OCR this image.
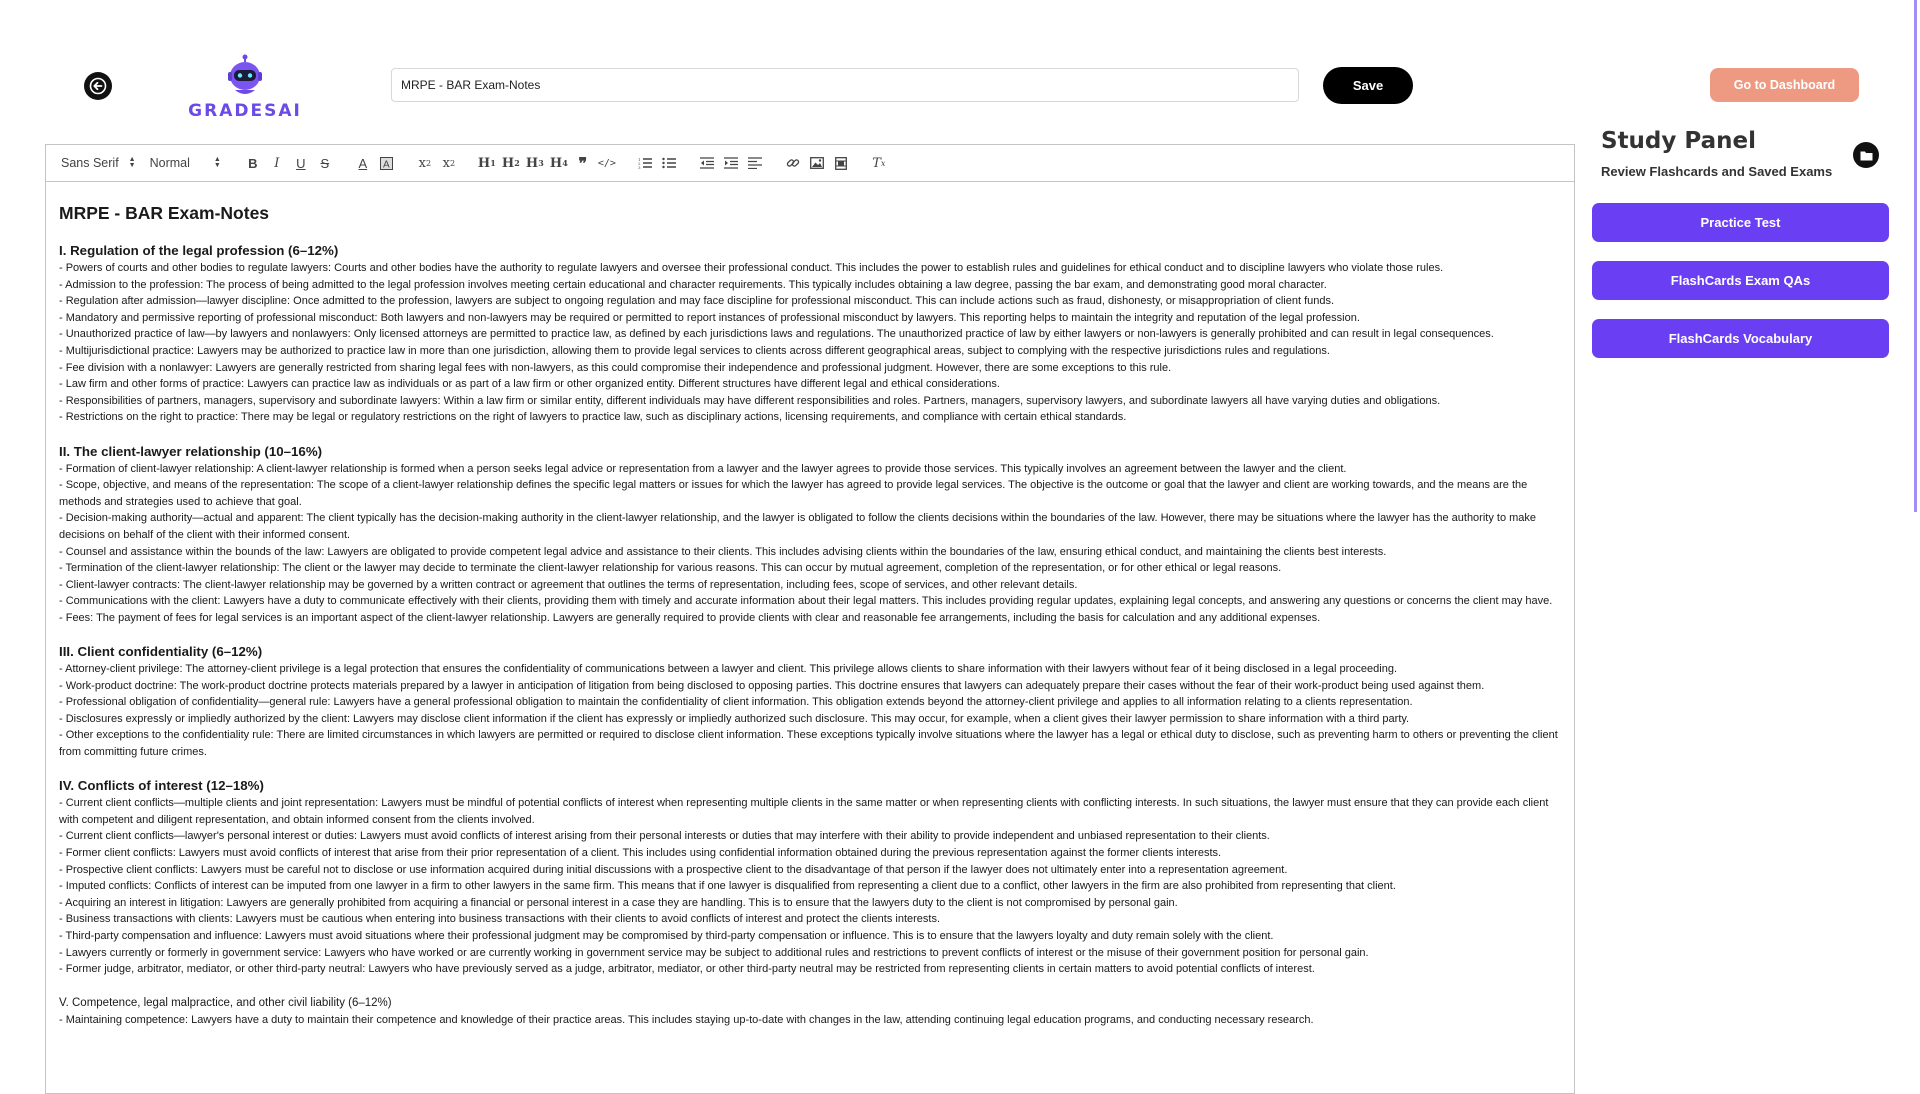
GRADESAI
MRPE - BAR Exam-Notes
Save	Go to Dashboard
Sans Serif ▲
▼ Normal	▲
▼	B	I	U	S	A	A x 2 x 2 H 1 H 2 H 3 H 4 ❞	</>	1
2
3	T x
MRPE - BAR Exam-Notes
I. Regulation of the legal profession (6–12%)
- Powers of courts and other bodies to regulate lawyers: Courts and other bodies have the authority to regulate lawyers and oversee their professional conduct. This includes the power to establish rules and guidelines for ethical conduct and to discipline lawyers who violate those rules.
- Admission to the profession: The process of being admitted to the legal profession involves meeting certain educational and character requirements. This typically includes obtaining a law degree, passing the bar exam, and demonstrating good moral character.
- Regulation after admission—lawyer discipline: Once admitted to the profession, lawyers are subject to ongoing regulation and may face discipline for professional misconduct. This can include actions such as fraud, dishonesty, or misappropriation of client funds.
- Mandatory and permissive reporting of professional misconduct: Both lawyers and non-lawyers may be required or permitted to report instances of professional misconduct by lawyers. This reporting helps to maintain the integrity and reputation of the legal profession.
- Unauthorized practice of law—by lawyers and nonlawyers: Only licensed attorneys are permitted to practice law, as defined by each jurisdictions laws and regulations. The unauthorized practice of law by either lawyers or non-lawyers is generally prohibited and can result in legal consequences.
- Multijurisdictional practice: Lawyers may be authorized to practice law in more than one jurisdiction, allowing them to provide legal services to clients across different geographical areas, subject to complying with the respective jurisdictions rules and regulations.
- Fee division with a nonlawyer: Lawyers are generally restricted from sharing legal fees with non-lawyers, as this could compromise their independence and professional judgment. However, there are some exceptions to this rule.
- Law firm and other forms of practice: Lawyers can practice law as individuals or as part of a law firm or other organized entity. Different structures have different legal and ethical considerations.
- Responsibilities of partners, managers, supervisory and subordinate lawyers: Within a law firm or similar entity, different individuals may have different responsibilities and roles. Partners, managers, supervisory lawyers, and subordinate lawyers all have varying duties and obligations.
- Restrictions on the right to practice: There may be legal or regulatory restrictions on the right of lawyers to practice law, such as disciplinary actions, licensing requirements, and compliance with certain ethical standards.
II. The client-lawyer relationship (10–16%)
- Formation of client-lawyer relationship: A client-lawyer relationship is formed when a person seeks legal advice or representation from a lawyer and the lawyer agrees to provide those services. This typically involves an agreement between the lawyer and the client.
- Scope, objective, and means of the representation: The scope of a client-lawyer relationship defines the specific legal matters or issues for which the lawyer has agreed to provide legal services. The objective is the outcome or goal that the lawyer and client are working towards, and the means are the methods and strategies used to achieve that goal.
- Decision-making authority—actual and apparent: The client typically has the decision-making authority in the client-lawyer relationship, and the lawyer is obligated to follow the clients decisions within the boundaries of the law. However, there may be situations where the lawyer has the authority to make decisions on behalf of the client with their informed consent.
- Counsel and assistance within the bounds of the law: Lawyers are obligated to provide competent legal advice and assistance to their clients. This includes advising clients within the boundaries of the law, ensuring ethical conduct, and maintaining the clients best interests.
- Termination of the client-lawyer relationship: The client or the lawyer may decide to terminate the client-lawyer relationship for various reasons. This can occur by mutual agreement, completion of the representation, or for other ethical or legal reasons.
- Client-lawyer contracts: The client-lawyer relationship may be governed by a written contract or agreement that outlines the terms of representation, including fees, scope of services, and other relevant details.
- Communications with the client: Lawyers have a duty to communicate effectively with their clients, providing them with timely and accurate information about their legal matters. This includes providing regular updates, explaining legal concepts, and answering any questions or concerns the client may have.
- Fees: The payment of fees for legal services is an important aspect of the client-lawyer relationship. Lawyers are generally required to provide clients with clear and reasonable fee arrangements, including the basis for calculation and any additional expenses.
III. Client confidentiality (6–12%)
- Attorney-client privilege: The attorney-client privilege is a legal protection that ensures the confidentiality of communications between a lawyer and client. This privilege allows clients to share information with their lawyers without fear of it being disclosed in a legal proceeding.
- Work-product doctrine: The work-product doctrine protects materials prepared by a lawyer in anticipation of litigation from being disclosed to opposing parties. This doctrine ensures that lawyers can adequately prepare their cases without the fear of their work-product being used against them.
- Professional obligation of confidentiality—general rule: Lawyers have a general professional obligation to maintain the confidentiality of client information. This obligation extends beyond the attorney-client privilege and applies to all information relating to a clients representation.
- Disclosures expressly or impliedly authorized by the client: Lawyers may disclose client information if the client has expressly or impliedly authorized such disclosure. This may occur, for example, when a client gives their lawyer permission to share information with a third party.
- Other exceptions to the confidentiality rule: There are limited circumstances in which lawyers are permitted or required to disclose client information. These exceptions typically involve situations where the lawyer has a legal or ethical duty to disclose, such as preventing harm to others or preventing the client from committing future crimes.
IV. Conflicts of interest (12–18%)
- Current client conflicts—multiple clients and joint representation: Lawyers must be mindful of potential conflicts of interest when representing multiple clients in the same matter or when representing clients with conflicting interests. In such situations, the lawyer must ensure that they can provide each client with competent and diligent representation, and obtain informed consent from the clients involved.
- Current client conflicts—lawyer's personal interest or duties: Lawyers must avoid conflicts of interest arising from their personal interests or duties that may interfere with their ability to provide independent and unbiased representation to their clients.
- Former client conflicts: Lawyers must avoid conflicts of interest that arise from their prior representation of a client. This includes using confidential information obtained during the previous representation against the former clients interests.
- Prospective client conflicts: Lawyers must be careful not to disclose or use information acquired during initial discussions with a prospective client to the disadvantage of that person if the lawyer does not ultimately enter into a representation agreement.
- Imputed conflicts: Conflicts of interest can be imputed from one lawyer in a firm to other lawyers in the same firm. This means that if one lawyer is disqualified from representing a client due to a conflict, other lawyers in the firm are also prohibited from representing that client.
- Acquiring an interest in litigation: Lawyers are generally prohibited from acquiring a financial or personal interest in a case they are handling. This is to ensure that the lawyers duty to the client is not compromised by personal gain.
- Business transactions with clients: Lawyers must be cautious when entering into business transactions with their clients to avoid conflicts of interest and protect the clients interests.
- Third-party compensation and influence: Lawyers must avoid situations where their professional judgment may be compromised by third-party compensation or influence. This is to ensure that the lawyers loyalty and duty remain solely with the client.
- Lawyers currently or formerly in government service: Lawyers who have worked or are currently working in government service may be subject to additional rules and restrictions to prevent conflicts of interest or the misuse of their government position for personal gain.
- Former judge, arbitrator, mediator, or other third-party neutral: Lawyers who have previously served as a judge, arbitrator, mediator, or other third-party neutral may be restricted from representing clients in certain matters to avoid potential conflicts of interest.
V. Competence, legal malpractice, and other civil liability (6–12%)
- Maintaining competence: Lawyers have a duty to maintain their competence and knowledge of their practice areas. This includes staying up-to-date with changes in the law, attending continuing legal education programs, and conducting necessary research.
Study Panel
Review Flashcards and Saved Exams
Practice Test
FlashCards Exam QAs
FlashCards Vocabulary
